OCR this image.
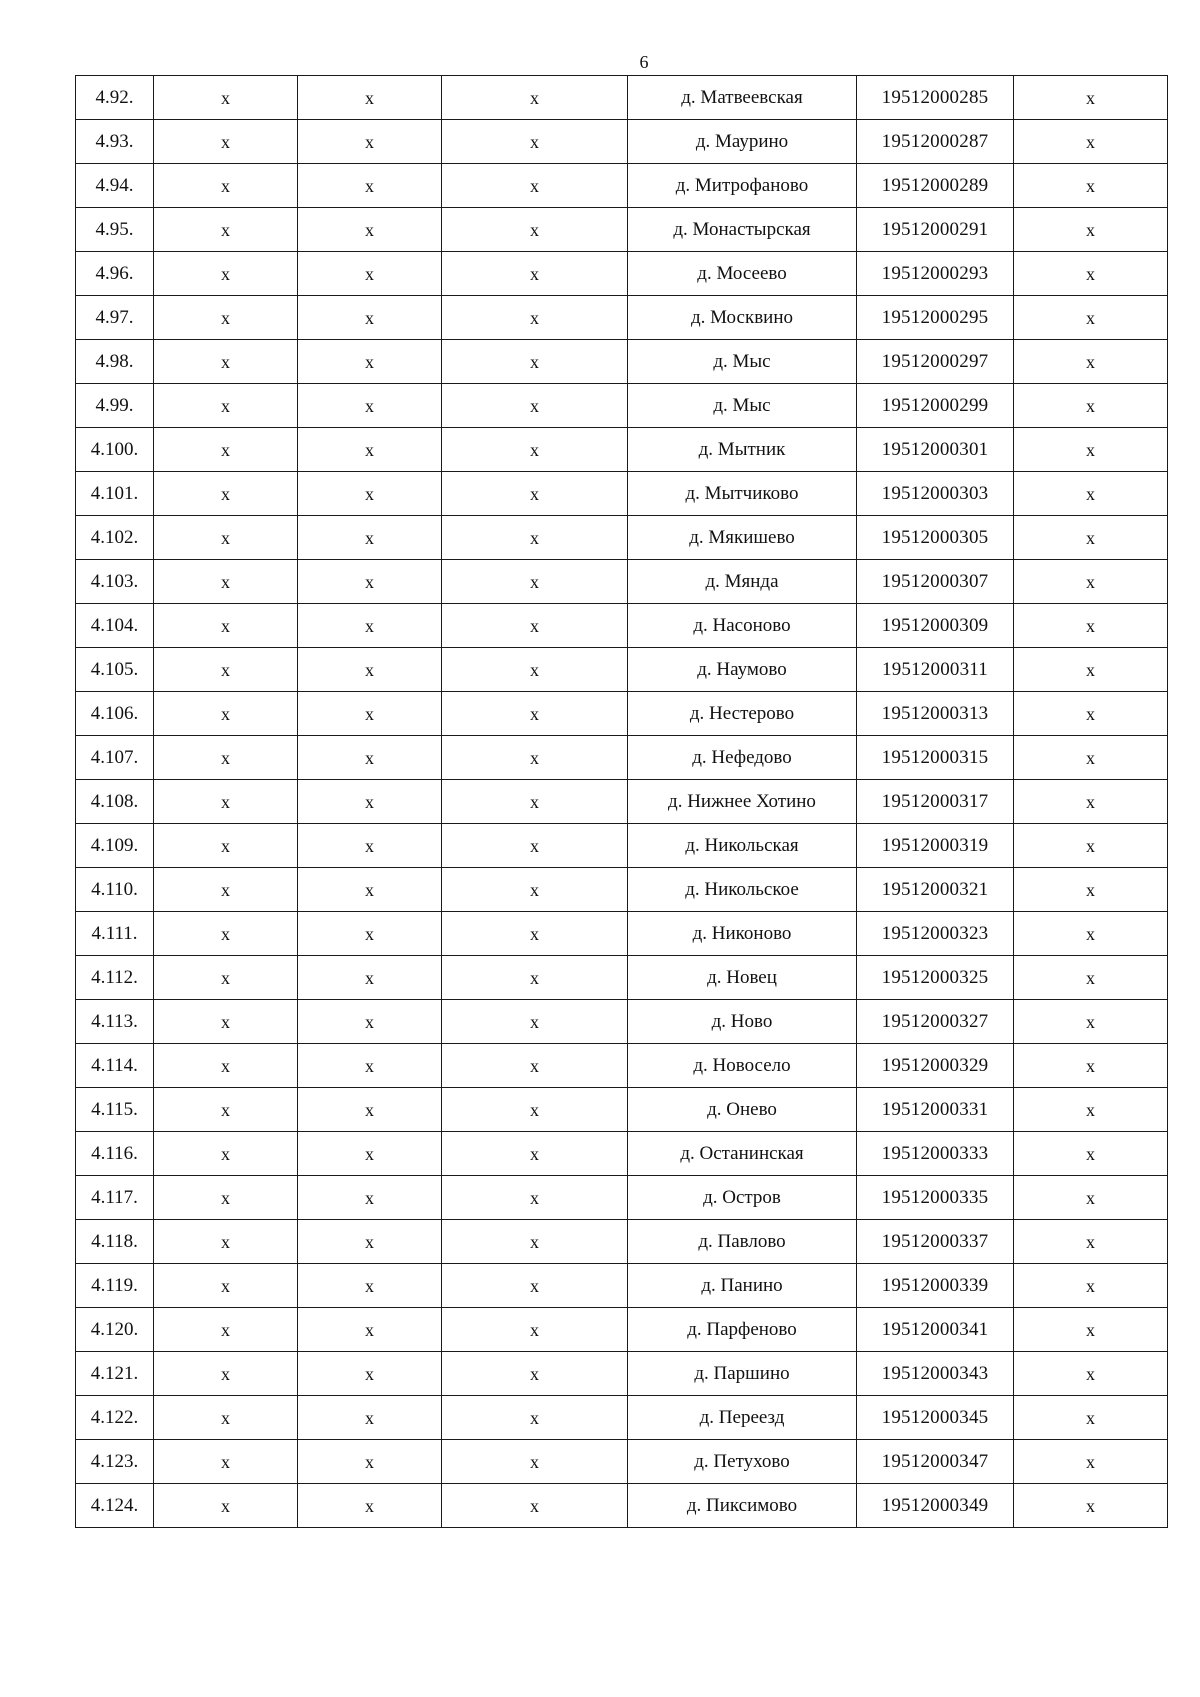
6
4.92.	х	х	х	д. Матвеевская	19512000285	х
4.93.	х	х	х	д. Маурино	19512000287	х
4.94.	х	х	х	д. Митрофаново	19512000289	х
4.95.	х	х	х	д. Монастырская	19512000291	х
4.96.	х	х	х	д. Мосеево	19512000293	х
4.97.	х	х	х	д. Москвино	19512000295	х
4.98.	х	х	х	д. Мыс	19512000297	х
4.99.	х	х	х	д. Мыс	19512000299	х
4.100.	х	х	х	д. Мытник	19512000301	х
4.101.	х	х	х	д. Мытчиково	19512000303	х
4.102.	х	х	х	д. Мякишево	19512000305	х
4.103.	х	х	х	д. Мянда	19512000307	х
4.104.	х	х	х	д. Насоново	19512000309	х
4.105.	х	х	х	д. Наумово	19512000311	х
4.106.	х	х	х	д. Нестерово	19512000313	х
4.107.	х	х	х	д. Нефедово	19512000315	х
4.108.	х	х	х	д. Нижнее Хотино	19512000317	х
4.109.	х	х	х	д. Никольская	19512000319	х
4.110.	х	х	х	д. Никольское	19512000321	х
4.111.	х	х	х	д. Никоново	19512000323	х
4.112.	х	х	х	д. Новец	19512000325	х
4.113.	х	х	х	д. Ново	19512000327	х
4.114.	х	х	х	д. Новосело	19512000329	х
4.115.	х	х	х	д. Онево	19512000331	х
4.116.	х	х	х	д. Останинская	19512000333	х
4.117.	х	х	х	д. Остров	19512000335	х
4.118.	х	х	х	д. Павлово	19512000337	х
4.119.	х	х	х	д. Панино	19512000339	х
4.120.	х	х	х	д. Парфеново	19512000341	х
4.121.	х	х	х	д. Паршино	19512000343	х
4.122.	х	х	х	д. Переезд	19512000345	х
4.123.	х	х	х	д. Петухово	19512000347	х
4.124.	х	х	х	д. Пиксимово	19512000349	х
